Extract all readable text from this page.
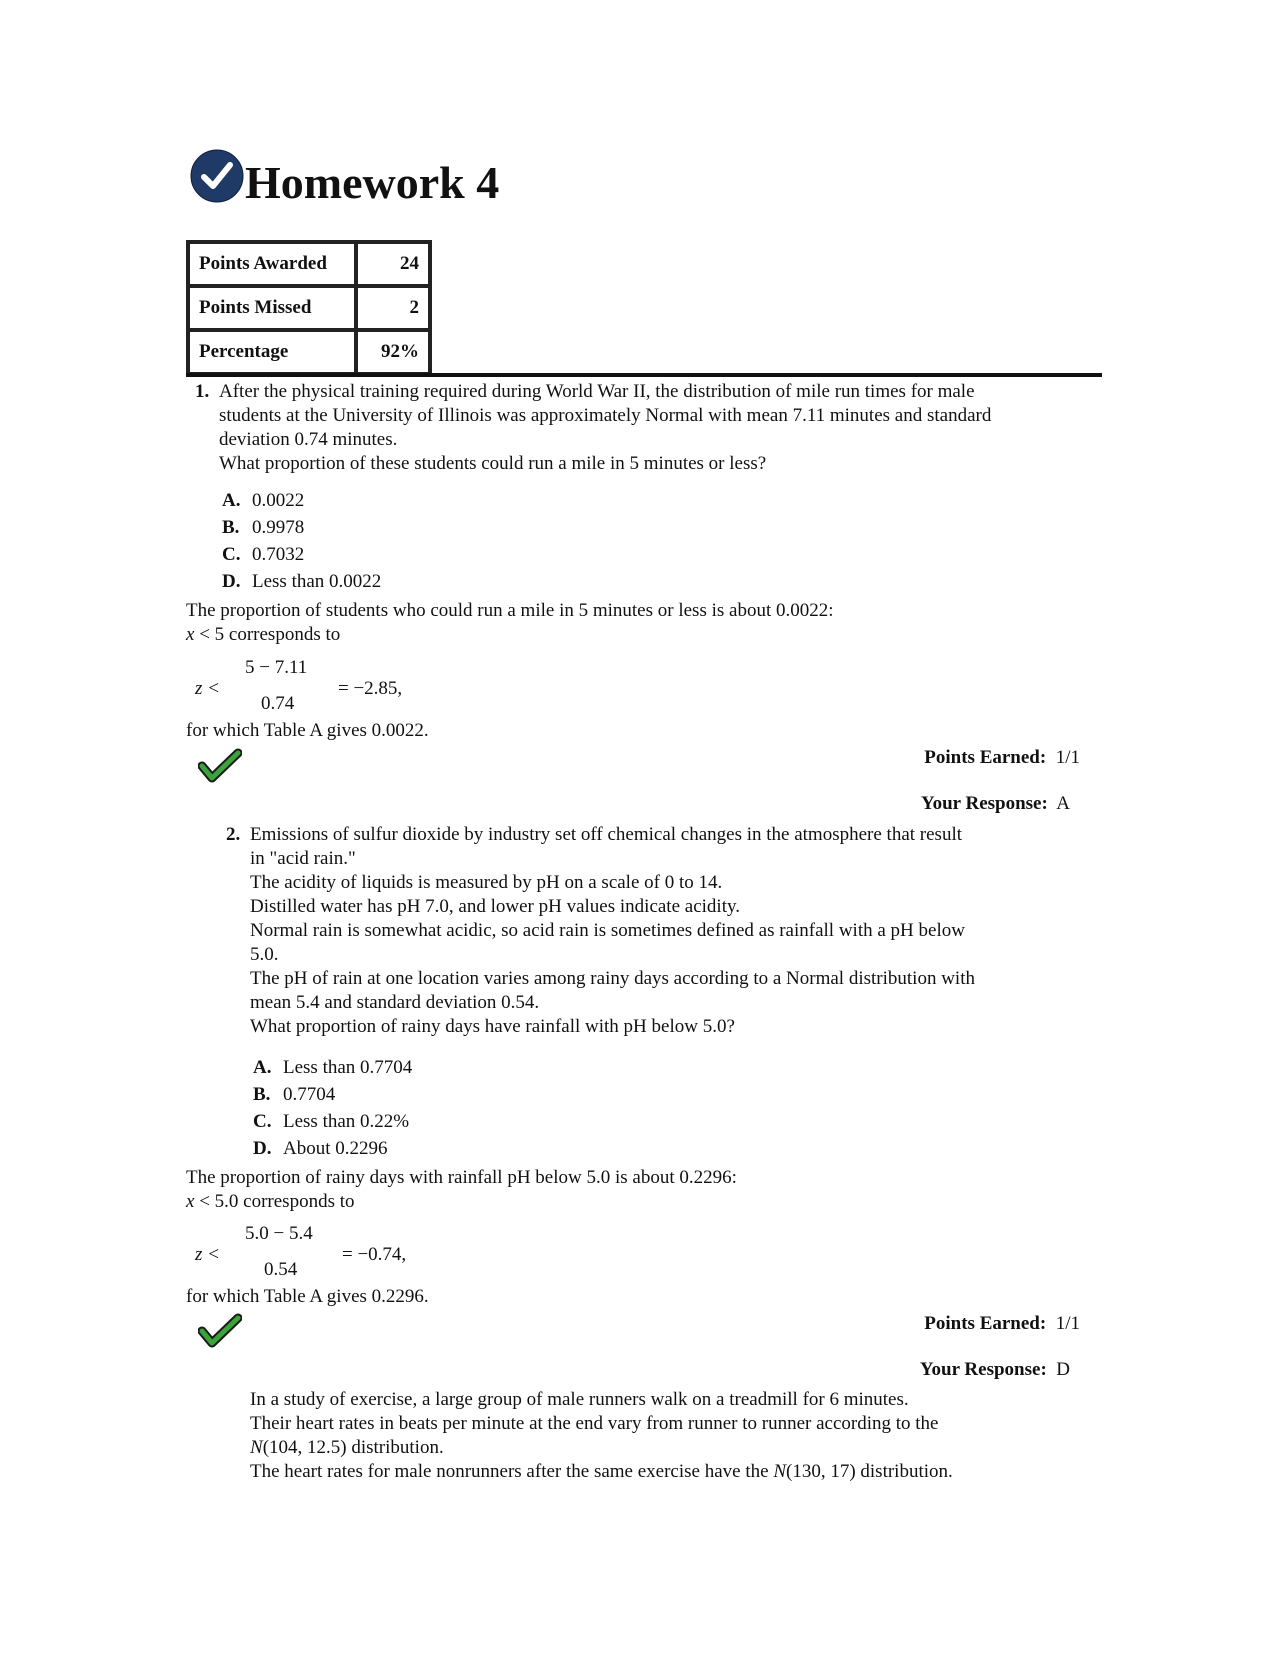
Homework 4
Points Awarded	24
Points Missed	2
Percentage	92%
1. After the physical training required during World War II, the distribution of mile run times for male
students at the University of Illinois was approximately Normal with mean 7.11 minutes and standard
deviation 0.74 minutes.
What proportion of these students could run a mile in 5 minutes or less?
A. 0.0022
B. 0.9978
C. 0.7032
D. Less than 0.0022
The proportion of students who could run a mile in 5 minutes or less is about 0.0022:
x < 5 corresponds to
z <
5 − 7.11
0.74
= −2.85,
for which Table A gives 0.0022.
Points Earned: 1/1
Your Response: A
2. Emissions of sulfur dioxide by industry set off chemical changes in the atmosphere that result
in "acid rain."
The acidity of liquids is measured by pH on a scale of 0 to 14.
Distilled water has pH 7.0, and lower pH values indicate acidity.
Normal rain is somewhat acidic, so acid rain is sometimes defined as rainfall with a pH below
5.0.
The pH of rain at one location varies among rainy days according to a Normal distribution with
mean 5.4 and standard deviation 0.54.
What proportion of rainy days have rainfall with pH below 5.0?
A. Less than 0.7704
B. 0.7704
C. Less than 0.22%
D. About 0.2296
The proportion of rainy days with rainfall pH below 5.0 is about 0.2296:
x < 5.0 corresponds to
z <
5.0 − 5.4
0.54
= −0.74,
for which Table A gives 0.2296.
Points Earned: 1/1
Your Response: D
In a study of exercise, a large group of male runners walk on a treadmill for 6 minutes.
Their heart rates in beats per minute at the end vary from runner to runner according to the
N(104, 12.5) distribution.
The heart rates for male nonrunners after the same exercise have the N(130, 17) distribution.
